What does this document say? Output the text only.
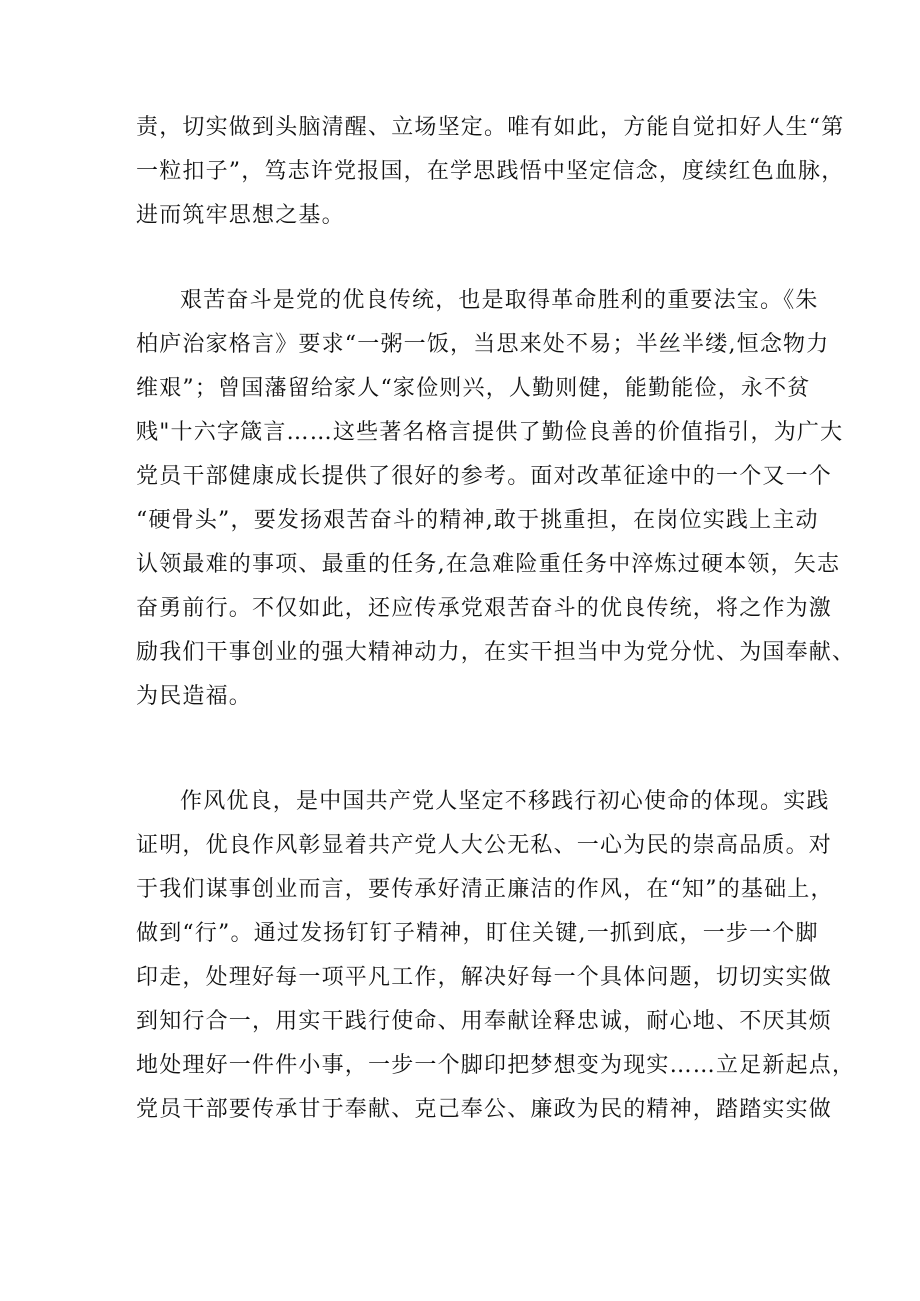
责，切实做到头脑清醒、立场坚定。唯有如此，方能自觉扣好人生“第
一粒扣子”，笃志许党报国，在学思践悟中坚定信念，度续红色血脉，
进而筑牢思想之基。
艰苦奋斗是党的优良传统，也是取得革命胜利的重要法宝。《朱
柏庐治家格言》要求“一粥一饭，当思来处不易；半丝半缕,恒念物力
维艰”；曾国藩留给家人“家俭则兴，人勤则健，能勤能俭，永不贫
贱"十六字箴言……这些著名格言提供了勤俭良善的价值指引，为广大
党员干部健康成长提供了很好的参考。面对改革征途中的一个又一个
“硬骨头”，要发扬艰苦奋斗的精神,敢于挑重担，在岗位实践上主动
认领最难的事项、最重的任务,在急难险重任务中淬炼过硬本领，矢志
奋勇前行。不仅如此，还应传承党艰苦奋斗的优良传统，将之作为激
励我们干事创业的强大精神动力，在实干担当中为党分忧、为国奉献、
为民造福。
作风优良，是中国共产党人坚定不移践行初心使命的体现。实践
证明，优良作风彰显着共产党人大公无私、一心为民的崇高品质。对
于我们谋事创业而言，要传承好清正廉洁的作风，在“知”的基础上，
做到“行”。通过发扬钉钉子精神，盯住关键,一抓到底，一步一个脚
印走，处理好每一项平凡工作，解决好每一个具体问题，切切实实做
到知行合一，用实干践行使命、用奉献诠释忠诚，耐心地、不厌其烦
地处理好一件件小事，一步一个脚印把梦想变为现实……立足新起点，
党员干部要传承甘于奉献、克己奉公、廉政为民的精神，踏踏实实做
